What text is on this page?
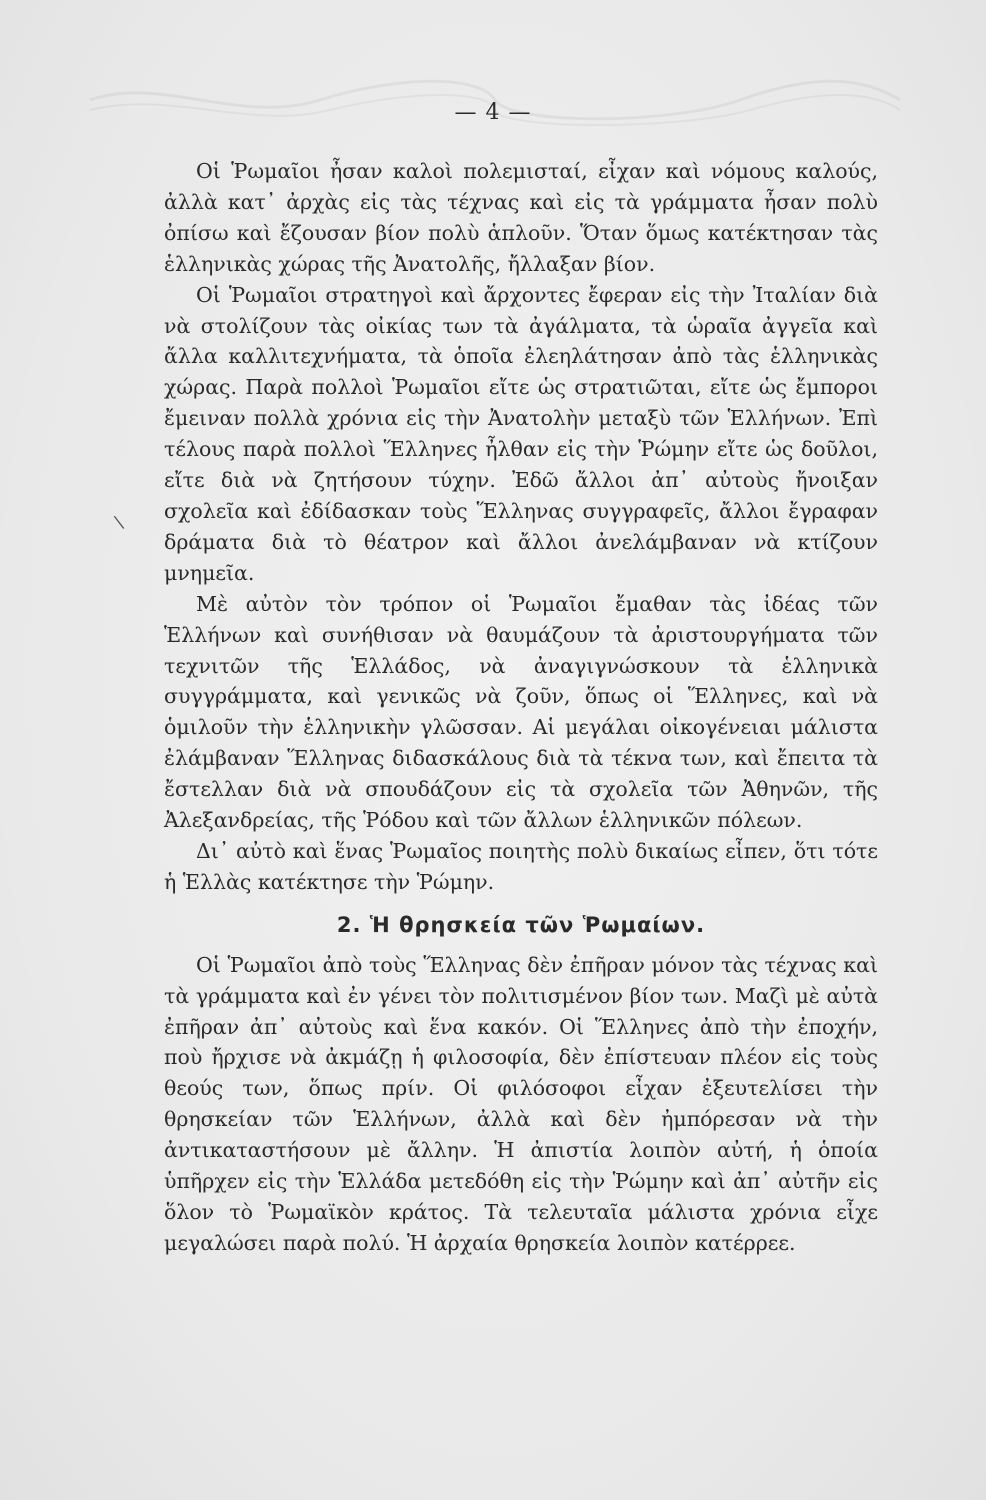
— 4 —
\

Οἱ Ῥωμαῖοι ἦσαν καλοὶ πολεμισταί, εἶχαν καὶ νόμους καλούς, ἀλλὰ κατ᾽ ἀρχὰς εἰς τὰς τέχνας καὶ εἰς τὰ γράμματα ἦσαν πολὺ ὀπίσω καὶ ἔζουσαν βίον πολὺ ἁπλοῦν. Ὅταν ὅμως κατέκτησαν τὰς ἑλληνικὰς χώρας τῆς Ἀνατολῆς, ἤλλαξαν βίον.

Οἱ Ῥωμαῖοι στρατηγοὶ καὶ ἄρχοντες ἔφεραν εἰς τὴν Ἰταλίαν διὰ νὰ στολίζουν τὰς οἰκίας των τὰ ἀγάλματα, τὰ ὡραῖα ἀγγεῖα καὶ ἄλλα καλλιτεχνήματα, τὰ ὁποῖα ἐλεηλάτησαν ἀπὸ τὰς ἑλληνικὰς χώρας. Παρὰ πολλοὶ Ῥωμαῖοι εἴτε ὡς στρατιῶται, εἴτε ὡς ἔμποροι ἔμειναν πολλὰ χρόνια εἰς τὴν Ἀνατολὴν μεταξὺ τῶν Ἑλλήνων. Ἐπὶ τέλους παρὰ πολλοὶ Ἕλληνες ἦλθαν εἰς τὴν Ῥώμην εἴτε ὡς δοῦλοι, εἴτε διὰ νὰ ζητήσουν τύχην. Ἐδῶ ἄλλοι ἀπ᾽ αὐτοὺς ἤνοιξαν σχολεῖα καὶ ἐδίδασκαν τοὺς Ἕλληνας συγγραφεῖς, ἄλλοι ἔγραφαν δράματα διὰ τὸ θέατρον καὶ ἄλλοι ἀνελάμβαναν νὰ κτίζουν μνημεῖα.

Μὲ αὐτὸν τὸν τρόπον οἱ Ῥωμαῖοι ἔμαθαν τὰς ἰδέας τῶν Ἑλλήνων καὶ συνήθισαν νὰ θαυμάζουν τὰ ἀριστουργήματα τῶν τεχνιτῶν τῆς Ἑλλάδος, νὰ ἀναγιγνώσκουν τὰ ἑλληνικὰ συγγράμματα, καὶ γενικῶς νὰ ζοῦν, ὅπως οἱ Ἕλληνες, καὶ νὰ ὁμιλοῦν τὴν ἑλληνικὴν γλῶσσαν. Αἱ μεγάλαι οἰκογένειαι μάλιστα ἐλάμβαναν Ἕλληνας διδασκάλους διὰ τὰ τέκνα των, καὶ ἔπειτα τὰ ἔστελλαν διὰ νὰ σπουδάζουν εἰς τὰ σχολεῖα τῶν Ἀθηνῶν, τῆς Ἀλεξανδρείας, τῆς Ῥόδου καὶ τῶν ἄλλων ἑλληνικῶν πόλεων.

Δι᾽ αὐτὸ καὶ ἕνας Ῥωμαῖος ποιητὴς πολὺ δικαίως εἶπεν, ὅτι τότε ἡ Ἑλλὰς κατέκτησε τὴν Ῥώμην.

2. Ἡ θρησκεία τῶν Ῥωμαίων.

Οἱ Ῥωμαῖοι ἀπὸ τοὺς Ἕλληνας δὲν ἐπῆραν μόνον τὰς τέχνας καὶ τὰ γράμματα καὶ ἐν γένει τὸν πολιτισμένον βίον των. Μαζὶ μὲ αὐτὰ ἐπῆραν ἀπ᾽ αὐτοὺς καὶ ἕνα κακόν. Οἱ Ἕλληνες ἀπὸ τὴν ἐποχήν, ποὺ ἤρχισε νὰ ἀκμάζῃ ἡ φιλοσοφία, δὲν ἐπίστευαν πλέον εἰς τοὺς θεούς των, ὅπως πρίν. Οἱ φιλόσοφοι εἶχαν ἐξευτελίσει τὴν θρησκείαν τῶν Ἑλλήνων, ἀλλὰ καὶ δὲν ἠμπόρεσαν νὰ τὴν ἀντικαταστήσουν μὲ ἄλλην. Ἡ ἀπιστία λοιπὸν αὐτή, ἡ ὁποία ὑπῆρχεν εἰς τὴν Ἑλλάδα μετεδόθη εἰς τὴν Ῥώμην καὶ ἀπ᾽ αὐτῆν εἰς ὅλον τὸ Ῥωμαϊκὸν κράτος. Τὰ τελευταῖα μάλιστα χρόνια εἶχε μεγαλώσει παρὰ πολύ. Ἡ ἀρχαία θρησκεία λοιπὸν κατέρρεε.
